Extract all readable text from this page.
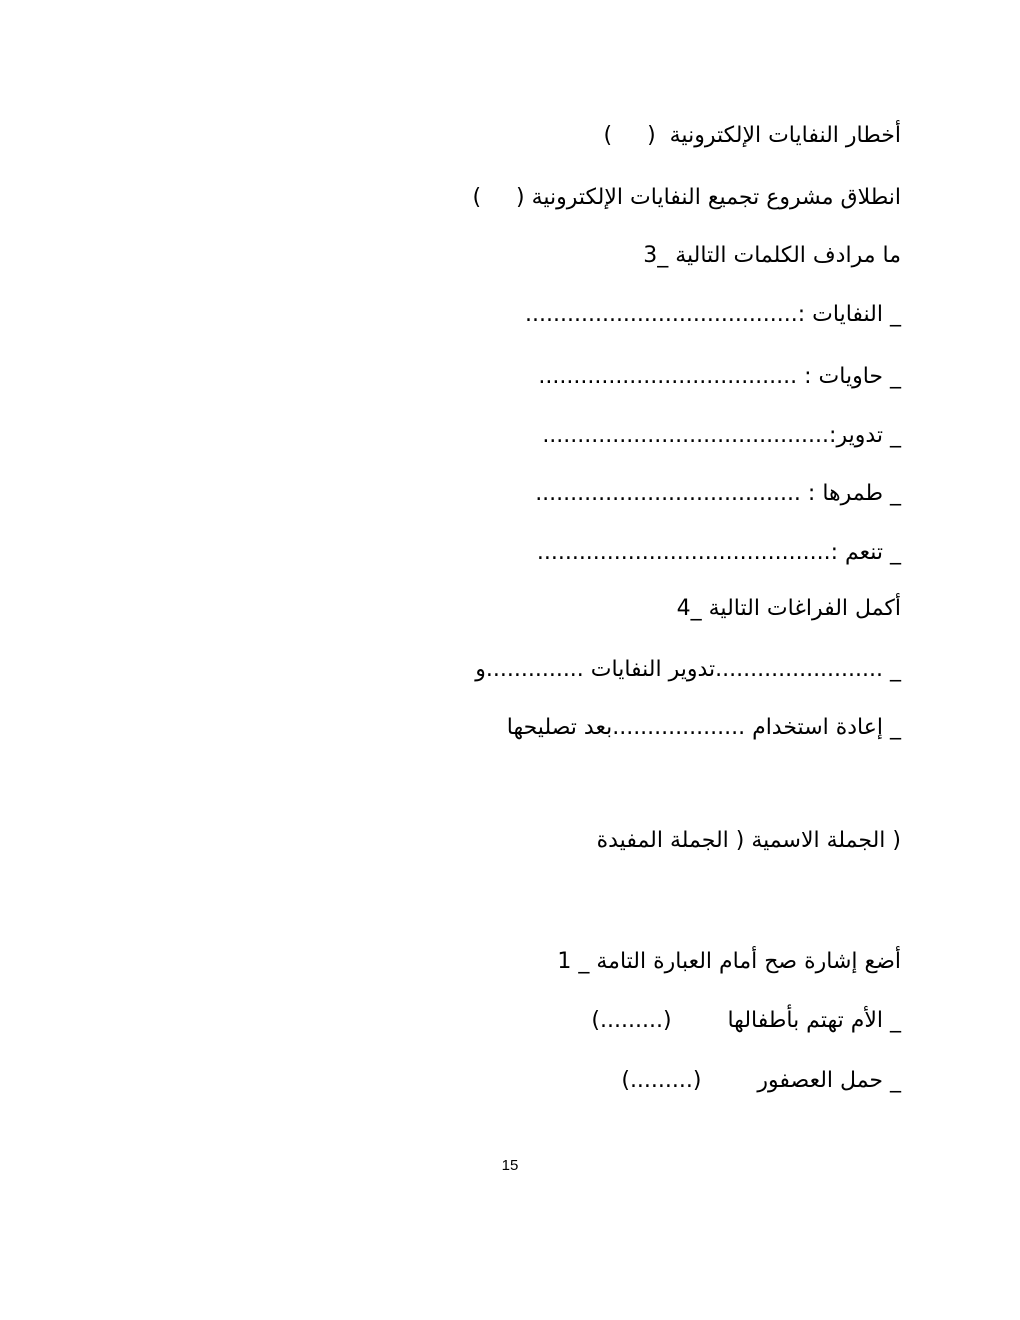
أخطار النفايات الإلكترونية  (     )
انطلاق مشروع تجميع النفايات الإلكترونية (     )
ما مرادف الكلمات التالية _3
_ النفايات :.......................................
_ حاويات : .....................................
_ تدوير:.........................................
_ طمرها : ......................................
_ تنعم :..........................................
أكمل الفراغات التالية _4
_ ........................تدوير النفايات ..............و
_ إعادة استخدام ...................بعد تصليحها
( الجملة الاسمية ( الجملة المفيدة
أضع إشارة صح أمام العبارة التامة _ 1
_ الأم تهتم بأطفالها        (.........)
_ حمل العصفور        (.........)
15
